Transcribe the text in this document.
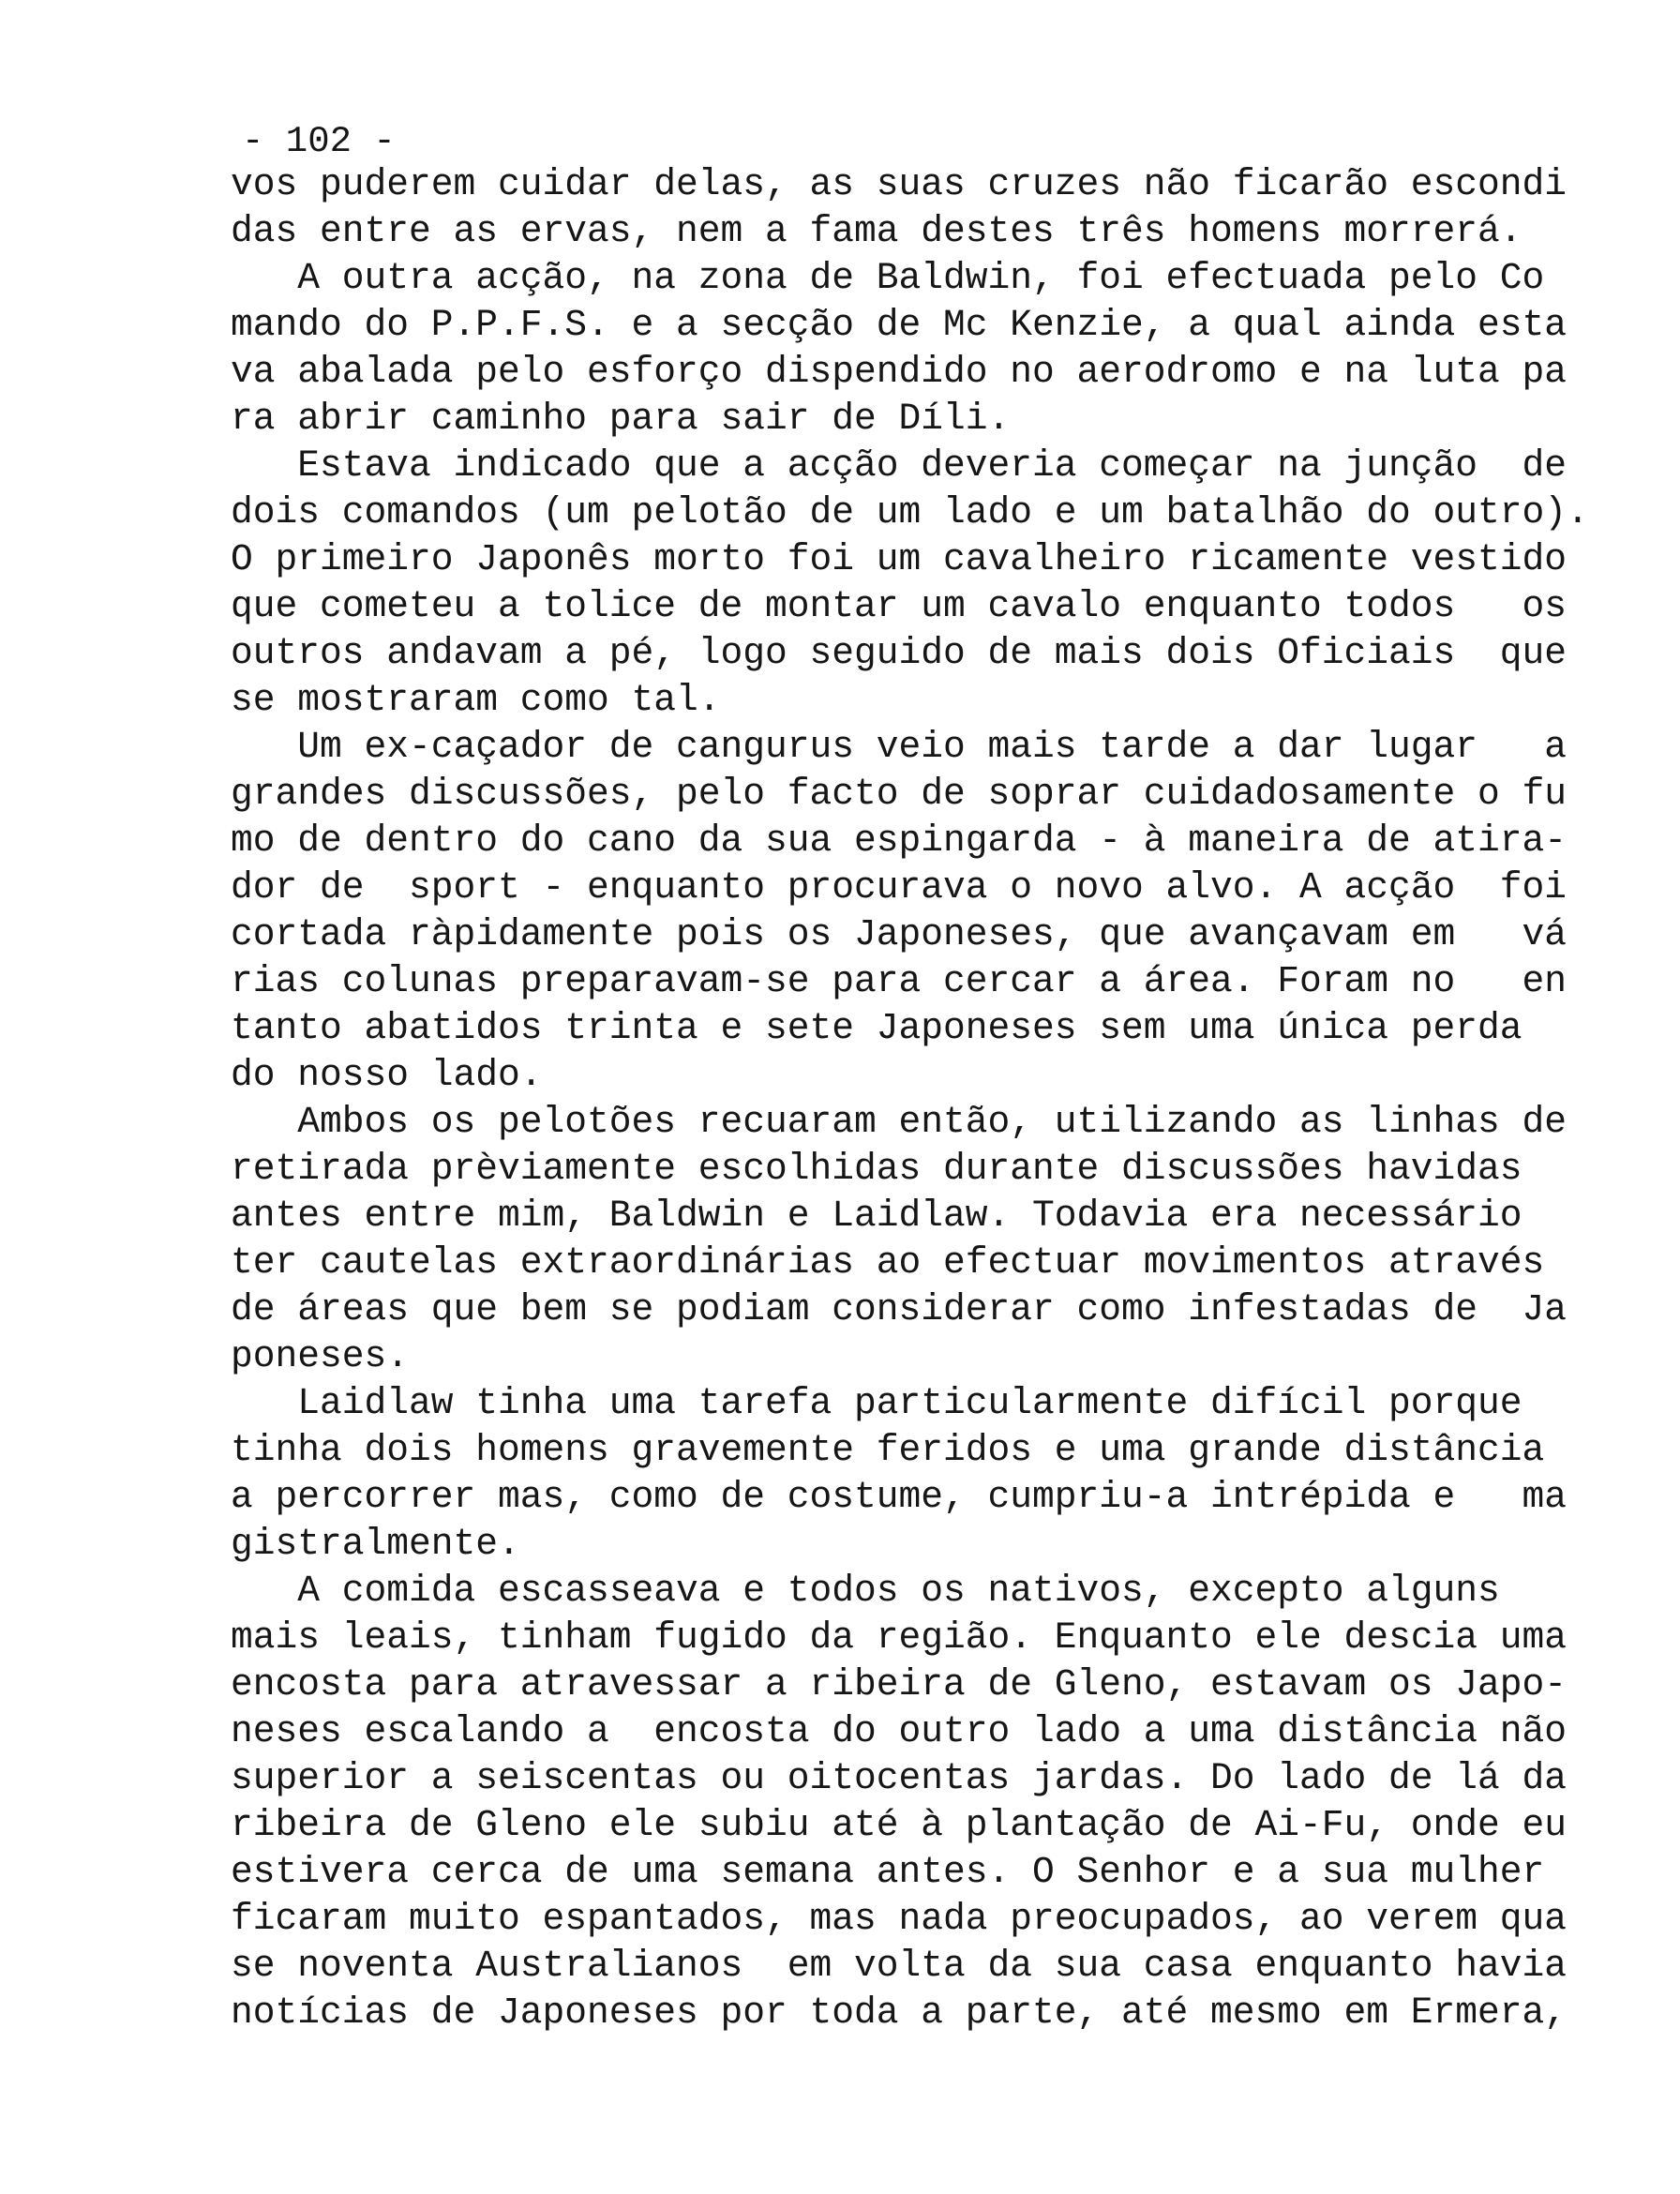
- 102 -
vos puderem cuidar delas, as suas cruzes não ficarão escondi
das entre as ervas, nem a fama destes três homens morrerá.
A outra acção, na zona de Baldwin, foi efectuada pelo Co
mando do P.P.F.S. e a secção de Mc Kenzie, a qual ainda esta
va abalada pelo esforço dispendido no aerodromo e na luta pa
ra abrir caminho para sair de Díli.
Estava indicado que a acção deveria começar na junção  de
dois comandos (um pelotão de um lado e um batalhão do outro).
O primeiro Japonês morto foi um cavalheiro ricamente vestido
que cometeu a tolice de montar um cavalo enquanto todos   os
outros andavam a pé, logo seguido de mais dois Oficiais  que
se mostraram como tal.
Um ex-caçador de cangurus veio mais tarde a dar lugar   a
grandes discussões, pelo facto de soprar cuidadosamente o fu
mo de dentro do cano da sua espingarda - à maneira de atira-
dor de  sport - enquanto procurava o novo alvo. A acção  foi
cortada ràpidamente pois os Japoneses, que avançavam em   vá
rias colunas preparavam-se para cercar a área. Foram no   en
tanto abatidos trinta e sete Japoneses sem uma única perda
do nosso lado.
Ambos os pelotões recuaram então, utilizando as linhas de
retirada prèviamente escolhidas durante discussões havidas
antes entre mim, Baldwin e Laidlaw. Todavia era necessário
ter cautelas extraordinárias ao efectuar movimentos através
de áreas que bem se podiam considerar como infestadas de  Ja
poneses.
Laidlaw tinha uma tarefa particularmente difícil porque
tinha dois homens gravemente feridos e uma grande distância
a percorrer mas, como de costume, cumpriu-a intrépida e   ma
gistralmente.
A comida escasseava e todos os nativos, excepto alguns
mais leais, tinham fugido da região. Enquanto ele descia uma
encosta para atravessar a ribeira de Gleno, estavam os Japo-
neses escalando a  encosta do outro lado a uma distância não
superior a seiscentas ou oitocentas jardas. Do lado de lá da
ribeira de Gleno ele subiu até à plantação de Ai-Fu, onde eu
estivera cerca de uma semana antes. O Senhor e a sua mulher
ficaram muito espantados, mas nada preocupados, ao verem qua
se noventa Australianos  em volta da sua casa enquanto havia
notícias de Japoneses por toda a parte, até mesmo em Ermera,
